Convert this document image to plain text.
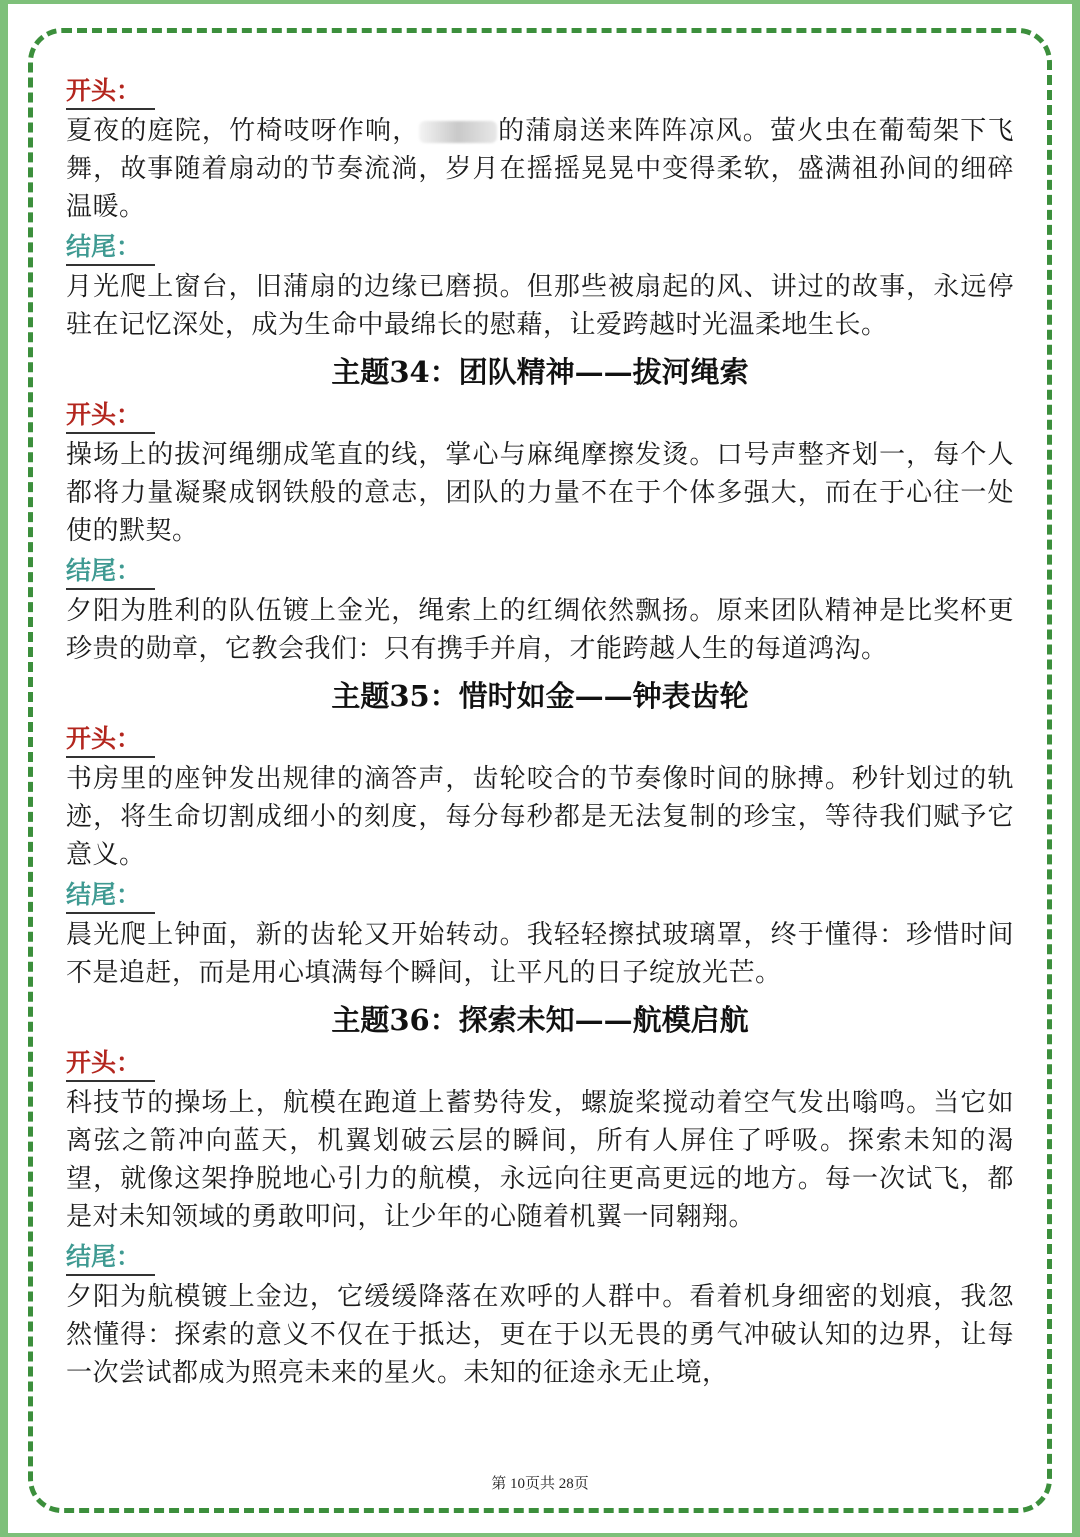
开头：

夏夜的庭院，竹椅吱呀作响，	的蒲扇送来阵阵凉风。萤火虫在葡萄架下飞舞，故事随着扇动的节奏流淌，岁月在摇摇晃晃中变得柔软，盛满祖孙间的细碎温暖。

结尾：

月光爬上窗台，旧蒲扇的边缘已磨损。但那些被扇起的风、讲过的故事，永远停驻在记忆深处，成为生命中最绵长的慰藉，让爱跨越时光温柔地生长。

主题34：团队精神——拔河绳索
开头：

操场上的拔河绳绷成笔直的线，掌心与麻绳摩擦发烫。口号声整齐划一，每个人都将力量凝聚成钢铁般的意志，团队的力量不在于个体多强大，而在于心往一处使的默契。

结尾：

夕阳为胜利的队伍镀上金光，绳索上的红绸依然飘扬。原来团队精神是比奖杯更珍贵的勋章，它教会我们：只有携手并肩，才能跨越人生的每道鸿沟。

主题35：惜时如金——钟表齿轮
开头：

书房里的座钟发出规律的滴答声，齿轮咬合的节奏像时间的脉搏。秒针划过的轨迹，将生命切割成细小的刻度，每分每秒都是无法复制的珍宝，等待我们赋予它意义。

结尾：

晨光爬上钟面，新的齿轮又开始转动。我轻轻擦拭玻璃罩，终于懂得：珍惜时间不是追赶，而是用心填满每个瞬间，让平凡的日子绽放光芒。

主题36：探索未知——航模启航
开头：

科技节的操场上，航模在跑道上蓄势待发，螺旋桨搅动着空气发出嗡鸣。当它如离弦之箭冲向蓝天，机翼划破云层的瞬间，所有人屏住了呼吸。探索未知的渴望，就像这架挣脱地心引力的航模，永远向往更高更远的地方。每一次试飞，都是对未知领域的勇敢叩问，让少年的心随着机翼一同翱翔。

结尾：

夕阳为航模镀上金边，它缓缓降落在欢呼的人群中。看着机身细密的划痕，我忽然懂得：探索的意义不仅在于抵达，更在于以无畏的勇气冲破认知的边界，让每一次尝试都成为照亮未来的星火。未知的征途永无止境，

第 10页共 28页
